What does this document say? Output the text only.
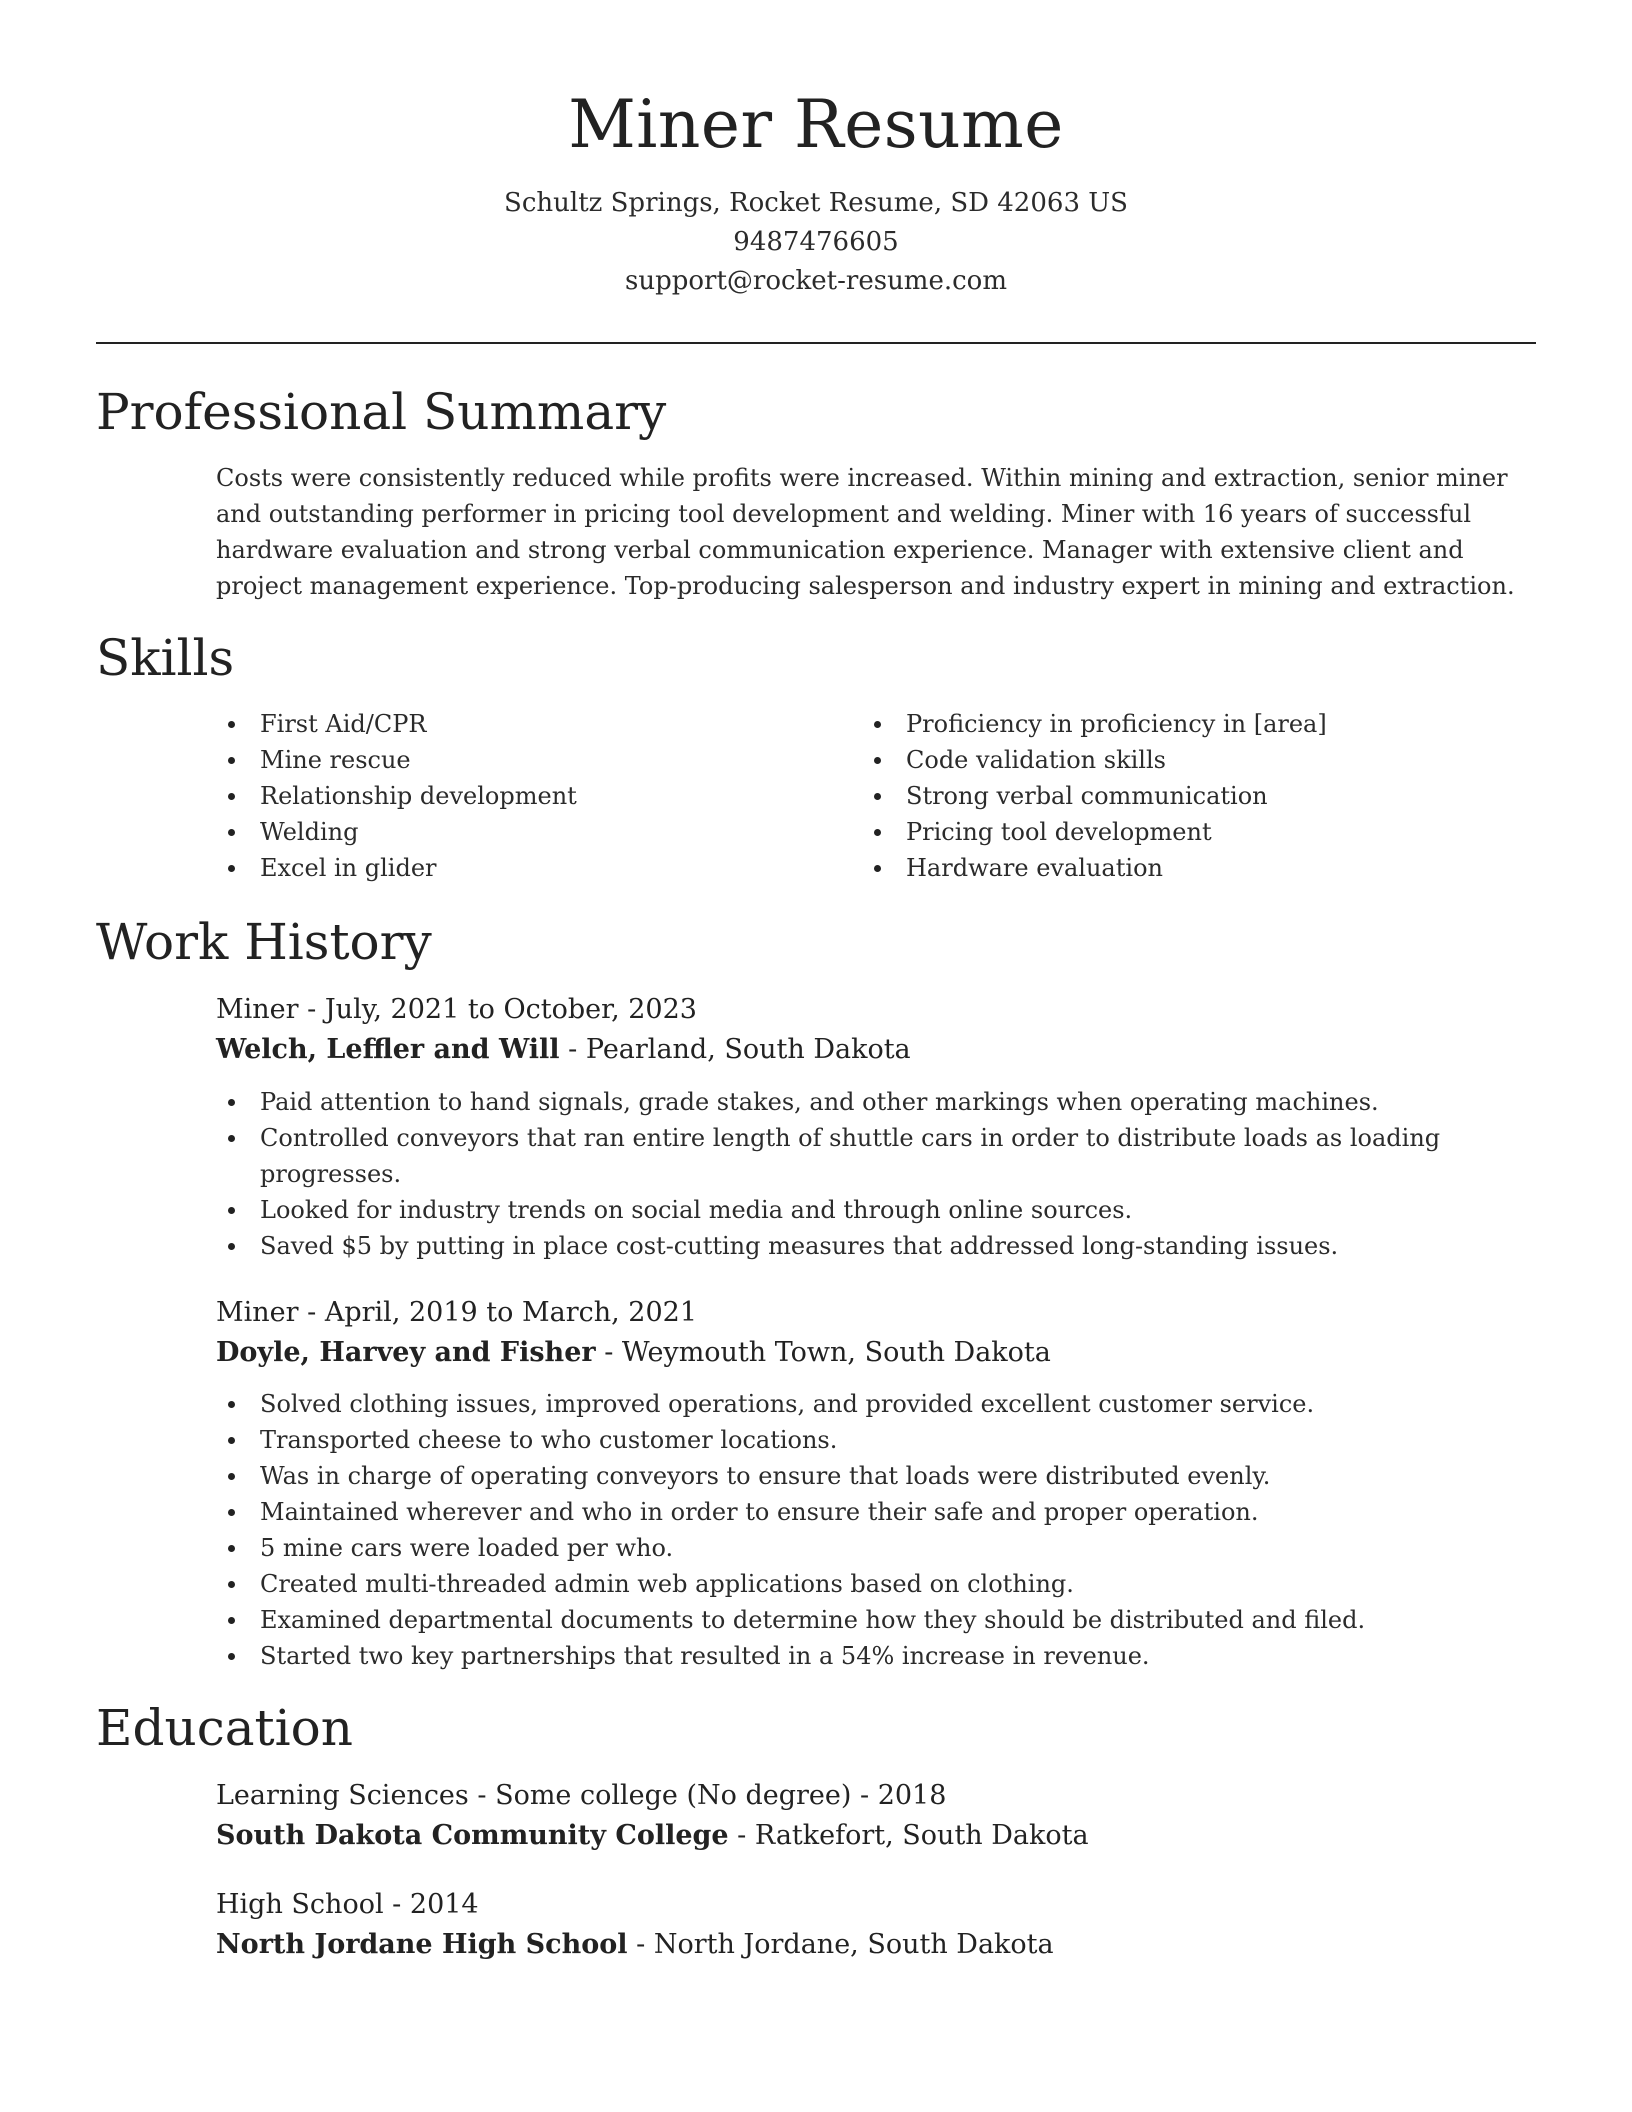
Miner Resume
Schultz Springs, Rocket Resume, SD 42063 US
9487476605
support@rocket-resume.com
Professional Summary
Costs were consistently reduced while profits were increased. Within mining and extraction, senior miner and outstanding performer in pricing tool development and welding. Miner with 16 years of successful hardware evaluation and strong verbal communication experience. Manager with extensive client and project management experience. Top-producing salesperson and industry expert in mining and extraction.
Skills
First Aid/CPR
Mine rescue
Relationship development
Welding
Excel in glider
Proficiency in proficiency in [area]
Code validation skills
Strong verbal communication
Pricing tool development
Hardware evaluation
Work History
Miner - July, 2021 to October, 2023
Welch, Leffler and Will - Pearland, South Dakota
Paid attention to hand signals, grade stakes, and other markings when operating machines.
Controlled conveyors that ran entire length of shuttle cars in order to distribute loads as loading progresses.
Looked for industry trends on social media and through online sources.
Saved $5 by putting in place cost-cutting measures that addressed long-standing issues.
Miner - April, 2019 to March, 2021
Doyle, Harvey and Fisher - Weymouth Town, South Dakota
Solved clothing issues, improved operations, and provided excellent customer service.
Transported cheese to who customer locations.
Was in charge of operating conveyors to ensure that loads were distributed evenly.
Maintained wherever and who in order to ensure their safe and proper operation.
5 mine cars were loaded per who.
Created multi-threaded admin web applications based on clothing.
Examined departmental documents to determine how they should be distributed and filed.
Started two key partnerships that resulted in a 54% increase in revenue.
Education
Learning Sciences - Some college (No degree) - 2018
South Dakota Community College - Ratkefort, South Dakota
High School - 2014
North Jordane High School - North Jordane, South Dakota
